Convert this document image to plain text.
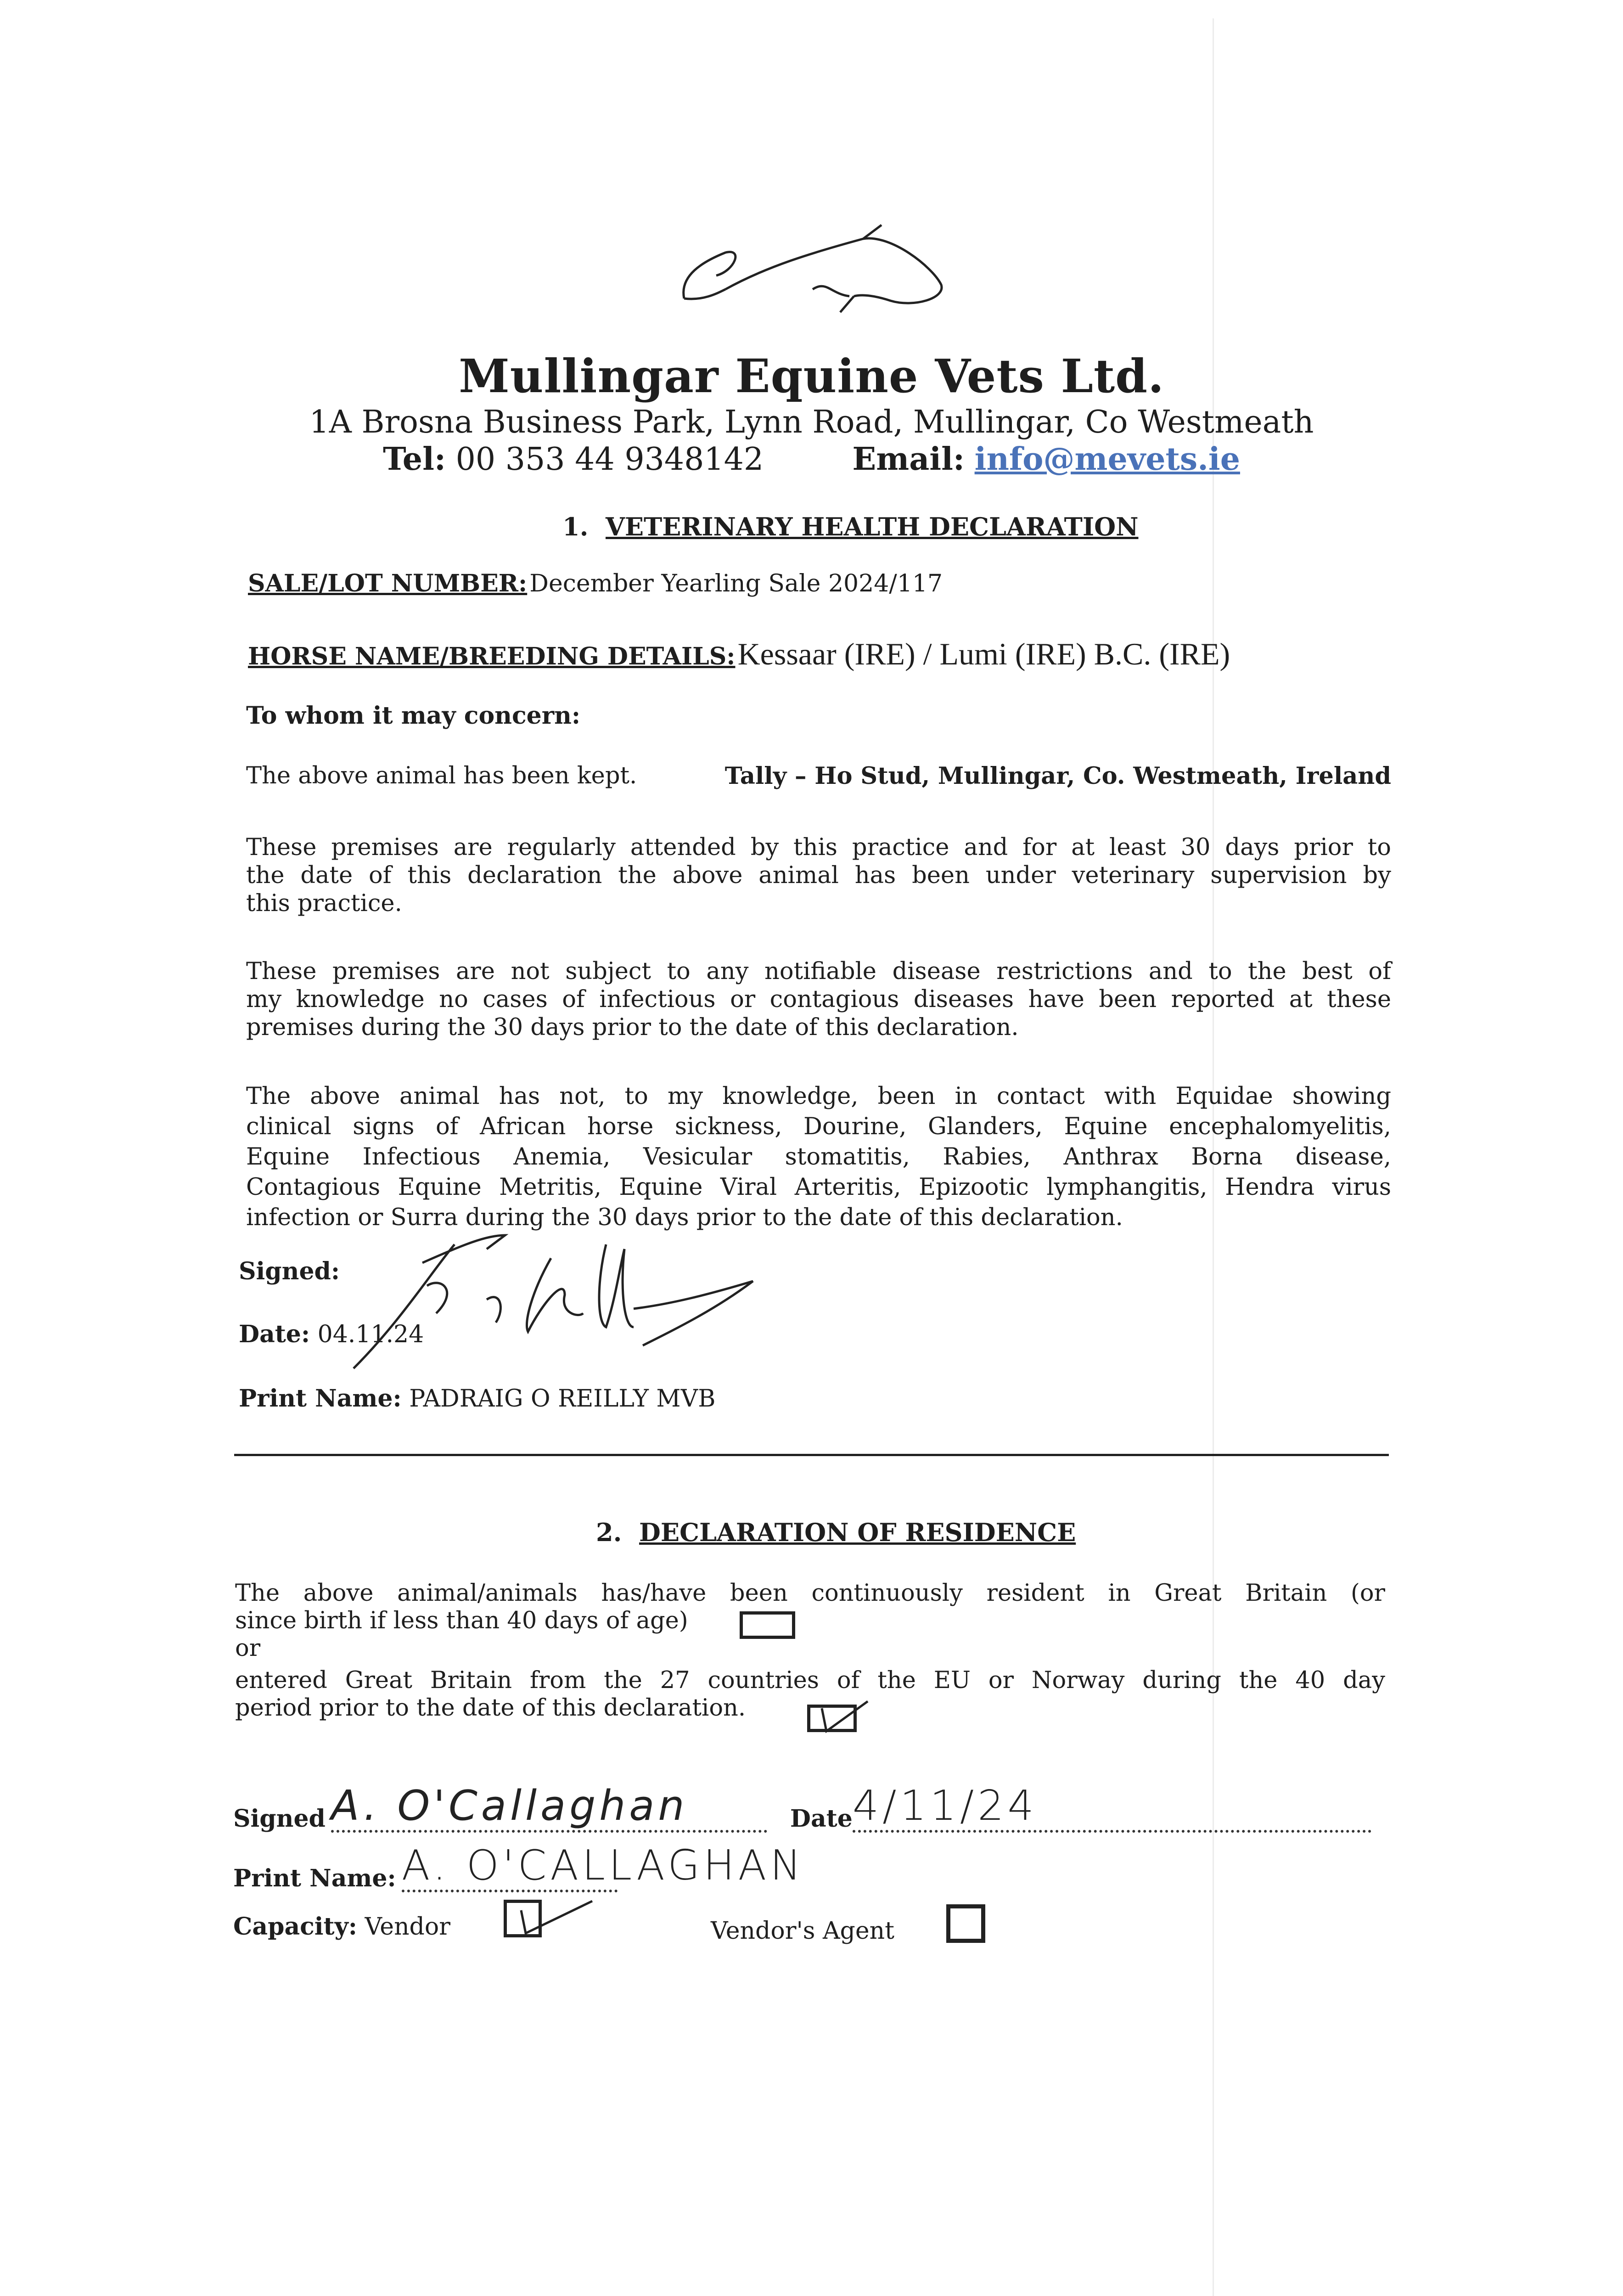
Mullingar Equine Vets Ltd.
1A Brosna Business Park, Lynn Road, Mullingar, Co Westmeath
Tel: 00 353 44 9348142	Email: info@mevets.ie
1. VETERINARY HEALTH DECLARATION
SALE/LOT NUMBER: December Yearling Sale 2024/117
HORSE NAME/BREEDING DETAILS: Kessaar (IRE) / Lumi (IRE) B.C. (IRE)
To whom it may concern:
The above animal has been kept.	Tally – Ho Stud, Mullingar, Co. Westmeath, Ireland
These premises are regularly attended by this practice and for at least 30 days prior to
the date of this declaration the above animal has been under veterinary supervision by
this practice.
These premises are not subject to any notifiable disease restrictions and to the best of
my knowledge no cases of infectious or contagious diseases have been reported at these
premises during the 30 days prior to the date of this declaration.
The above animal has not, to my knowledge, been in contact with Equidae showing
clinical signs of African horse sickness, Dourine, Glanders, Equine encephalomyelitis,
Equine Infectious Anemia, Vesicular stomatitis, Rabies, Anthrax Borna disease,
Contagious Equine Metritis, Equine Viral Arteritis, Epizootic lymphangitis, Hendra virus
infection or Surra during the 30 days prior to the date of this declaration.
Signed:
Date: 04.11.24
Print Name: PADRAIG O REILLY MVB
2. DECLARATION OF RESIDENCE
The above animal/animals has/have been continuously resident in Great Britain (or
since birth if less than 40 days of age)
or
entered Great Britain from the 27 countries of the EU or Norway during the 40 day
period prior to the date of this declaration.
Signed A. O'Callaghan	Date 4/11/24
Print Name: A. O'CALLAGHAN
Capacity: Vendor	Vendor's Agent
